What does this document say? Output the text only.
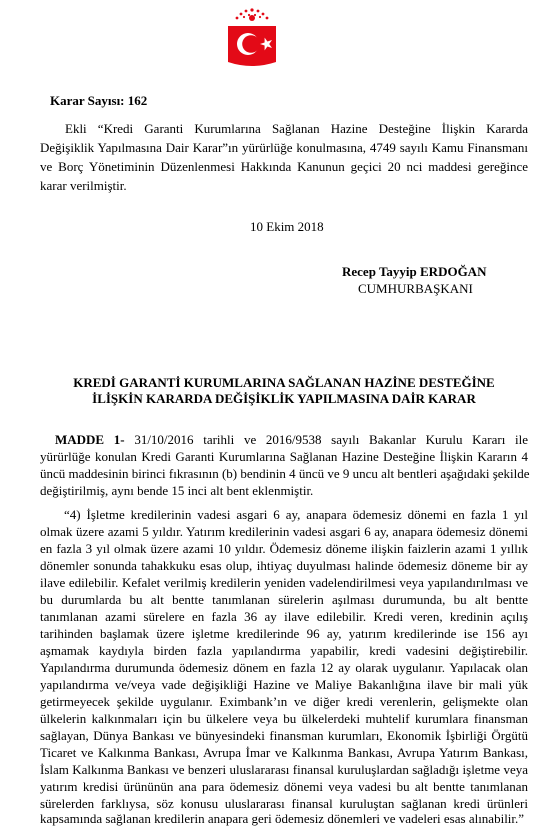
Karar Sayısı: 162
Ekli “Kredi Garanti Kurumlarına Sağlanan Hazine Desteğine İlişkin Kararda
Değişiklik Yapılmasına Dair Karar”ın yürürlüğe konulmasına, 4749 sayılı Kamu Finansmanı
ve Borç Yönetiminin Düzenlenmesi Hakkında Kanunun geçici 20 nci maddesi gereğince
karar verilmiştir.
10 Ekim 2018
Recep Tayyip ERDOĞAN
CUMHURBAŞKANI
KREDİ GARANTİ KURUMLARINA SAĞLANAN HAZİNE DESTEĞİNE
İLİŞKİN KARARDA DEĞİŞİKLİK YAPILMASINA DAİR KARAR
MADDE 1- 31/10/2016 tarihli ve 2016/9538 sayılı Bakanlar Kurulu Kararı ile
yürürlüğe konulan Kredi Garanti Kurumlarına Sağlanan Hazine Desteğine İlişkin Kararın 4
üncü maddesinin birinci fıkrasının (b) bendinin 4 üncü ve 9 uncu alt bentleri aşağıdaki şekilde
değiştirilmiş, aynı bende 15 inci alt bent eklenmiştir.
“4) İşletme kredilerinin vadesi asgari 6 ay, anapara ödemesiz dönemi en fazla 1 yıl
olmak üzere azami 5 yıldır. Yatırım kredilerinin vadesi asgari 6 ay, anapara ödemesiz dönemi
en fazla 3 yıl olmak üzere azami 10 yıldır. Ödemesiz döneme ilişkin faizlerin azami 1 yıllık
dönemler sonunda tahakkuku esas olup, ihtiyaç duyulması halinde ödemesiz döneme bir ay
ilave edilebilir. Kefalet verilmiş kredilerin yeniden vadelendirilmesi veya yapılandırılması ve
bu durumlarda bu alt bentte tanımlanan sürelerin aşılması durumunda, bu alt bentte
tanımlanan azami sürelere en fazla 36 ay ilave edilebilir. Kredi veren, kredinin açılış
tarihinden başlamak üzere işletme kredilerinde 96 ay, yatırım kredilerinde ise 156 ayı
aşmamak kaydıyla birden fazla yapılandırma yapabilir, kredi vadesini değiştirebilir.
Yapılandırma durumunda ödemesiz dönem en fazla 12 ay olarak uygulanır. Yapılacak olan
yapılandırma ve/veya vade değişikliği Hazine ve Maliye Bakanlığına ilave bir mali yük
getirmeyecek şekilde uygulanır. Eximbank’ın ve diğer kredi verenlerin, gelişmekte olan
ülkelerin kalkınmaları için bu ülkelere veya bu ülkelerdeki muhtelif kurumlara finansman
sağlayan, Dünya Bankası ve bünyesindeki finansman kurumları, Ekonomik İşbirliği Örgütü
Ticaret ve Kalkınma Bankası, Avrupa İmar ve Kalkınma Bankası, Avrupa Yatırım Bankası,
İslam Kalkınma Bankası ve benzeri uluslararası finansal kuruluşlardan sağladığı işletme veya
yatırım kredisi ürününün ana para ödemesiz dönemi veya vadesi bu alt bentte tanımlanan
sürelerden farklıysa, söz konusu uluslararası finansal kuruluştan sağlanan kredi ürünleri
kapsamında sağlanan kredilerin anapara geri ödemesiz dönemleri ve vadeleri esas alınabilir.”
